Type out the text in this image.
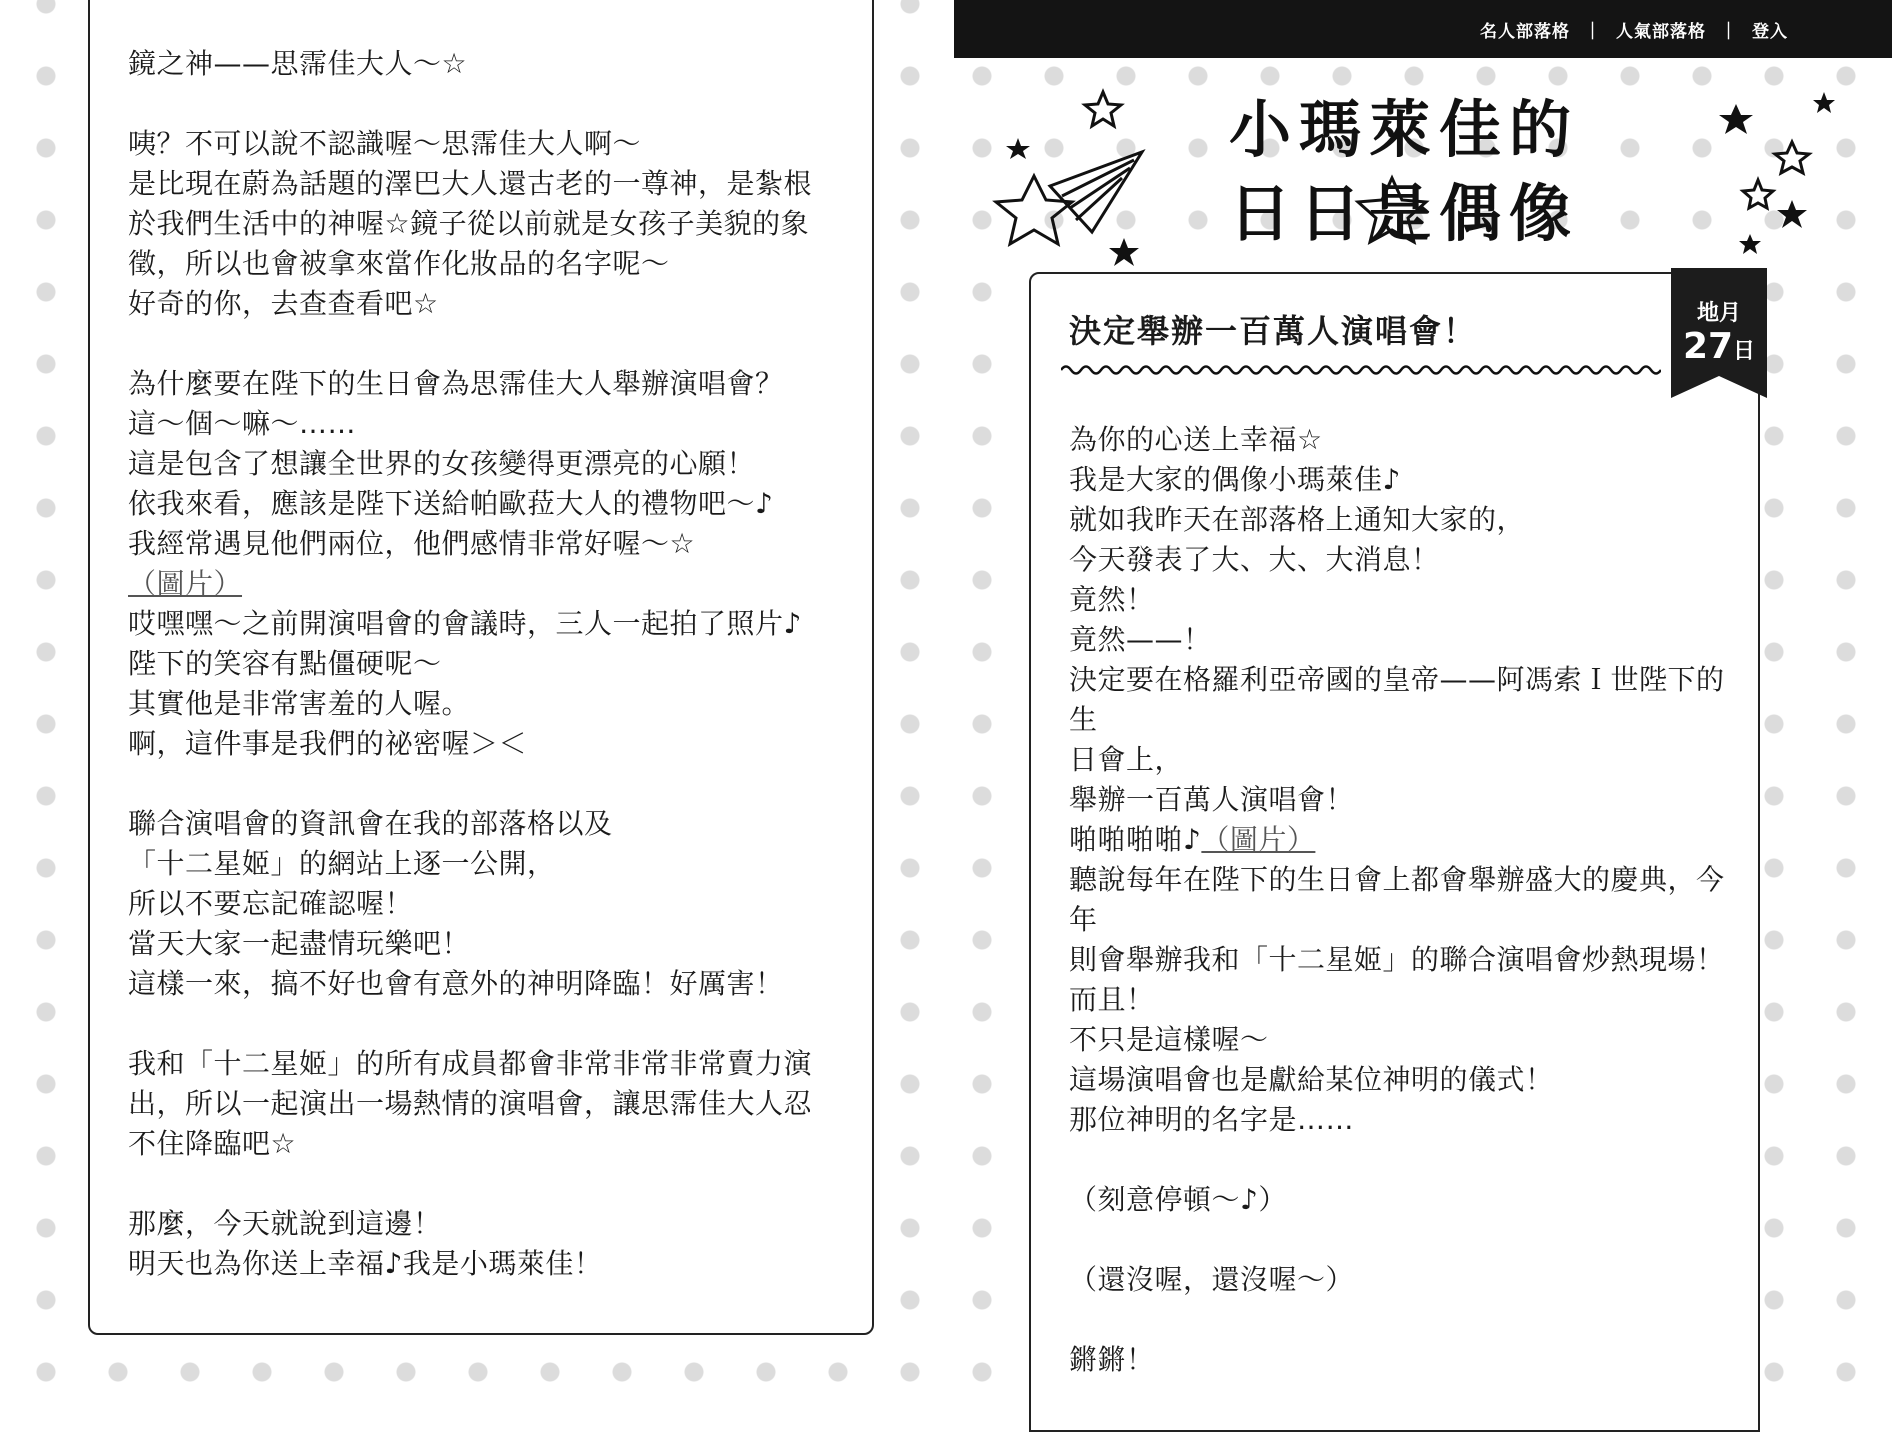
鏡之神——思霈佳大人～☆

咦？不可以說不認識喔～思霈佳大人啊～

是比現在蔚為話題的澤巴大人還古老的一尊神，是紮根

於我們生活中的神喔☆鏡子從以前就是女孩子美貌的象

徵，所以也會被拿來當作化妝品的名字呢～

好奇的你，去查查看吧☆

為什麼要在陛下的生日會為思霈佳大人舉辦演唱會？

這～個～嘛～……

這是包含了想讓全世界的女孩變得更漂亮的心願！

依我來看，應該是陛下送給帕歐菈大人的禮物吧～♪

我經常遇見他們兩位，他們感情非常好喔～☆

（圖片）

哎嘿嘿～之前開演唱會的會議時，三人一起拍了照片♪

陛下的笑容有點僵硬呢～

其實他是非常害羞的人喔。

啊，這件事是我們的祕密喔＞＜

聯合演唱會的資訊會在我的部落格以及

「十二星姬」的網站上逐一公開，

所以不要忘記確認喔！

當天大家一起盡情玩樂吧！

這樣一來，搞不好也會有意外的神明降臨！好厲害！

我和「十二星姬」的所有成員都會非常非常非常賣力演

出，所以一起演出一場熱情的演唱會，讓思霈佳大人忍

不住降臨吧☆

那麼，今天就說到這邊！

明天也為你送上幸福♪我是小瑪萊佳！

名人部落格 ｜ 人氣部落格 ｜ 登入
小瑪萊佳的
日日是偶像
決定舉辦一百萬人演唱會！	地月
27日

為你的心送上幸福☆

我是大家的偶像小瑪萊佳♪

就如我昨天在部落格上通知大家的，

今天發表了大、大、大消息！

竟然！

竟然——！

決定要在格羅利亞帝國的皇帝——阿馮索Ｉ世陛下的生

日會上，

舉辦一百萬人演唱會！

啪啪啪啪♪（圖片）

聽說每年在陛下的生日會上都會舉辦盛大的慶典，今年

則會舉辦我和「十二星姬」的聯合演唱會炒熱現場！

而且！

不只是這樣喔～

這場演唱會也是獻給某位神明的儀式！

那位神明的名字是……

（刻意停頓～♪）

（還沒喔，還沒喔～）

鏘鏘！
